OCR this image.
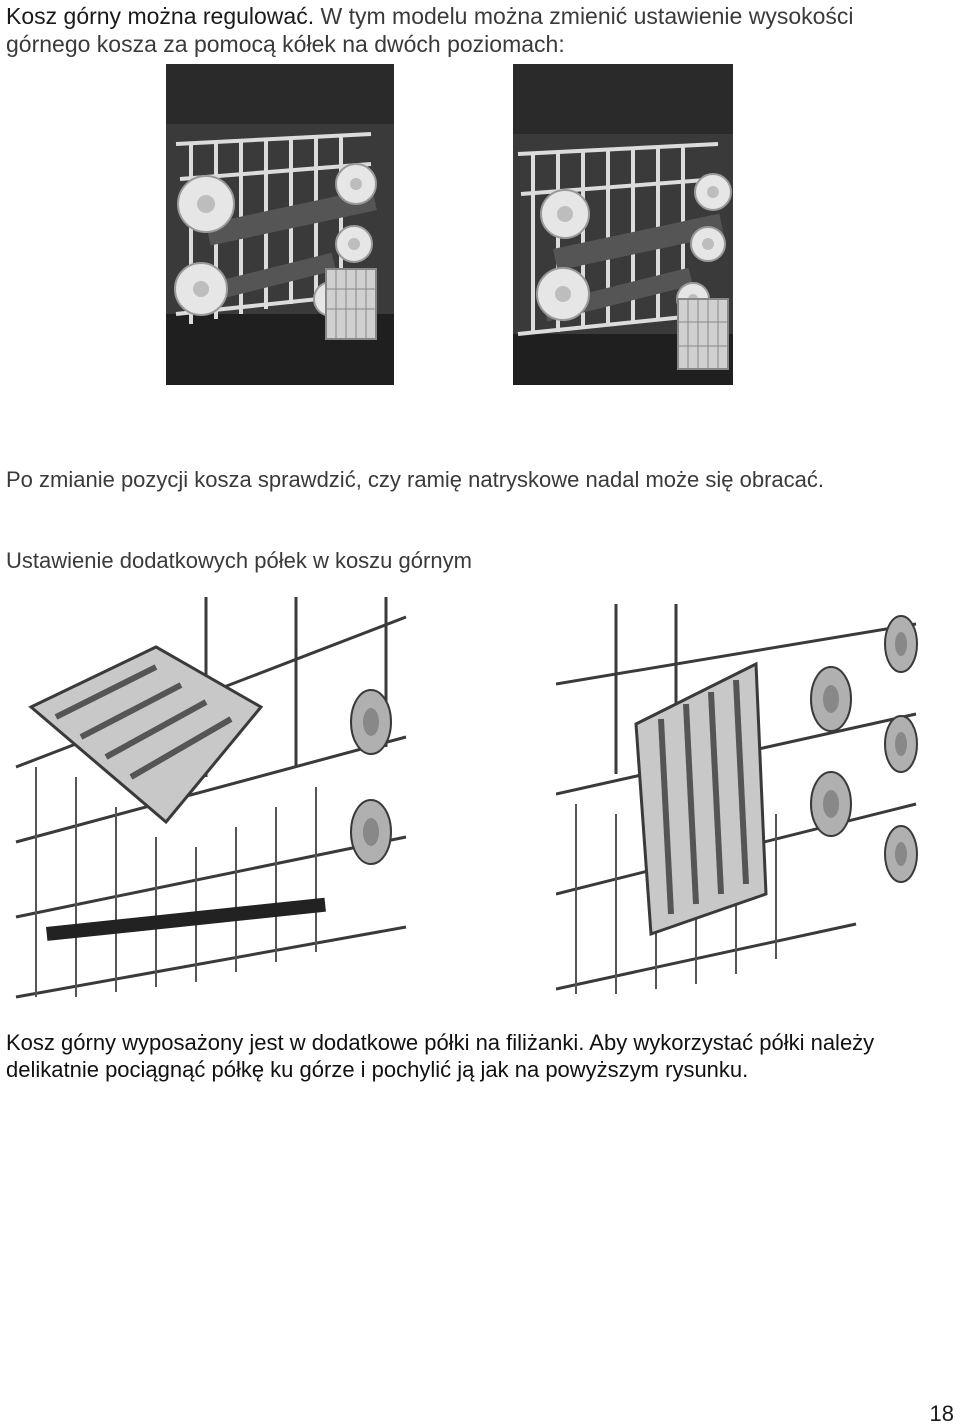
Kosz górny można regulować. W tym modelu można zmienić ustawienie wysokości
górnego kosza za pomocą kółek na dwóch poziomach:

Po zmianie pozycji kosza sprawdzić, czy ramię natryskowe nadal może się obracać.

Ustawienie dodatkowych półek w koszu górnym

Kosz górny wyposażony jest w dodatkowe półki na filiżanki. Aby wykorzystać półki należy
delikatnie pociągnąć półkę ku górze i pochylić ją jak na powyższym rysunku.

18
